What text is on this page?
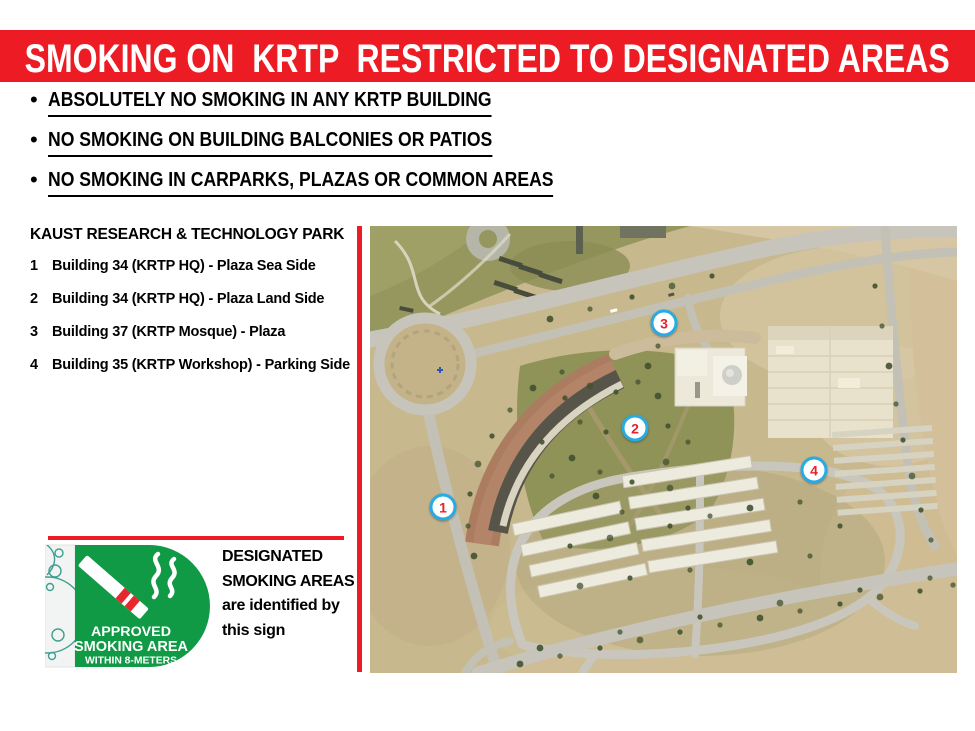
SMOKING ON  KRTP  RESTRICTED TO DESIGNATED AREAS
• ABSOLUTELY NO SMOKING IN ANY KRTP BUILDING
• NO SMOKING ON BUILDING BALCONIES OR PATIOS
• NO SMOKING IN CARPARKS, PLAZAS OR COMMON AREAS
KAUST RESEARCH & TECHNOLOGY PARK
1 Building 34 (KRTP HQ) - Plaza Sea Side
2 Building 34 (KRTP HQ) - Plaza Land Side
3 Building 37 (KRTP Mosque) - Plaza
4 Building 35 (KRTP Workshop) - Parking Side
1
2
3
4
APPROVED
SMOKING AREA
WITHIN 8-METERS
DESIGNATED
SMOKING AREAS
are identified by
this sign
